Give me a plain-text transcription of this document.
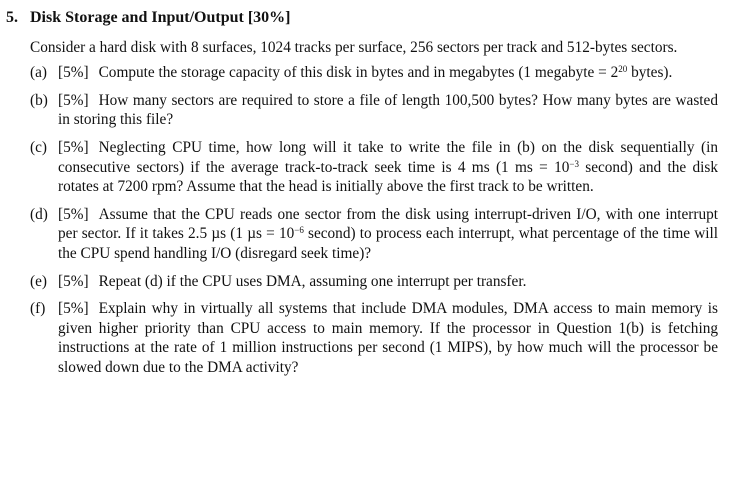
5. Disk Storage and Input/Output [30%]
Consider a hard disk with 8 surfaces, 1024 tracks per surface, 256 sectors per track and 512-bytes sectors.
(a) [5%] Compute the storage capacity of this disk in bytes and in megabytes (1 megabyte = $2^{20}$ bytes).
(b) [5%] How many sectors are required to store a file of length 100,500 bytes? How many bytes are wasted in storing this file?
(c) [5%] Neglecting CPU time, how long will it take to write the file in (b) on the disk sequentially (in consecutive sectors) if the average track-to-track seek time is 4 ms (1 ms = $10^{-3}$ second) and the disk rotates at 7200 rpm? Assume that the head is initially above the first track to be written.
(d) [5%] Assume that the CPU reads one sector from the disk using interrupt-driven I/O, with one interrupt per sector. If it takes 2.5 µs (1 $\mu s = 10^{-6}$ second) to process each interrupt, what percentage of the time will the CPU spend handling I/O (disregard seek time)?
(e) [5%] Repeat (d) if the CPU uses DMA, assuming one interrupt per transfer.
(f) [5%] Explain why in virtually all systems that include DMA modules, DMA access to main memory is given higher priority than CPU access to main memory. If the processor in Question 1(b) is fetching instructions at the rate of 1 million instructions per second (1 MIPS), by how much will the processor be slowed down due to the DMA activity?
